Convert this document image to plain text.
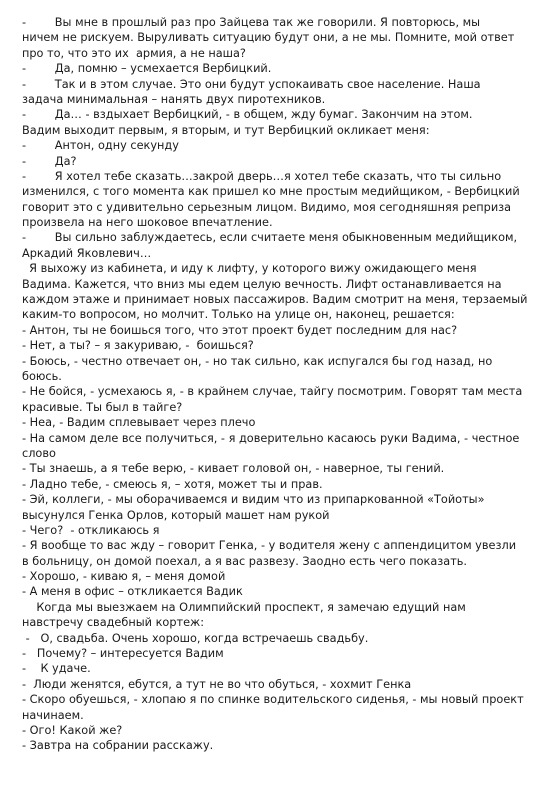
-        Вы мне в прошлый раз про Зайцева так же говорили. Я повторюсь, мы
ничем не рискуем. Выруливать ситуацию будут они, а не мы. Помните, мой ответ
про то, что это их  армия, а не наша?
-        Да, помню – усмехается Вербицкий.
-        Так и в этом случае. Это они будут успокаивать свое население. Наша
задача минимальная – нанять двух пиротехников.
-        Да… - вздыхает Вербицкий, - в общем, жду бумаг. Закончим на этом.
Вадим выходит первым, я вторым, и тут Вербицкий окликает меня:
-        Антон, одну секунду
-        Да?
-        Я хотел тебе сказать…закрой дверь…я хотел тебе сказать, что ты сильно
изменился, с того момента как пришел ко мне простым медийщиком, - Вербицкий
говорит это с удивительно серьезным лицом. Видимо, моя сегодняшняя реприза
произвела на него шоковое впечатление.
-        Вы сильно заблуждаетесь, если считаете меня обыкновенным медийщиком,
Аркадий Яковлевич…
Я выхожу из кабинета, и иду к лифту, у которого вижу ожидающего меня
Вадима. Кажется, что вниз мы едем целую вечность. Лифт останавливается на
каждом этаже и принимает новых пассажиров. Вадим смотрит на меня, терзаемый
каким-то вопросом, но молчит. Только на улице он, наконец, решается:
- Антон, ты не боишься того, что этот проект будет последним для нас?
- Нет, а ты? – я закуриваю, -  боишься?
- Боюсь, - честно отвечает он, - но так сильно, как испугался бы год назад, но
боюсь.
- Не бойся, - усмехаюсь я, - в крайнем случае, тайгу посмотрим. Говорят там места
красивые. Ты был в тайге?
- Неа, - Вадим сплевывает через плечо
- На самом деле все получиться, - я доверительно касаюсь руки Вадима, - честное
слово
- Ты знаешь, а я тебе верю, - кивает головой он, - наверное, ты гений.
- Ладно тебе, - смеюсь я, – хотя, может ты и прав.
- Эй, коллеги, - мы оборачиваемся и видим что из припаркованной «Тойоты»
высунулся Генка Орлов, который машет нам рукой
- Чего?  - откликаюсь я
- Я вообще то вас жду – говорит Генка, - у водителя жену с аппендицитом увезли
в больницу, он домой поехал, а я вас развезу. Заодно есть чего показать.
- Хорошо, - киваю я, – меня домой
- А меня в офис – откликается Вадик
Когда мы выезжаем на Олимпийский проспект, я замечаю едущий нам
навстречу свадебный кортеж:
-   О, свадьба. Очень хорошо, когда встречаешь свадьбу.
-   Почему? – интересуется Вадим
-    К удаче.
-  Люди женятся, ебутся, а тут не во что обуться, - хохмит Генка
- Скоро обуешься, - хлопаю я по спинке водительского сиденья, - мы новый проект
начинаем.
- Ого! Какой же?
- Завтра на собрании расскажу.
